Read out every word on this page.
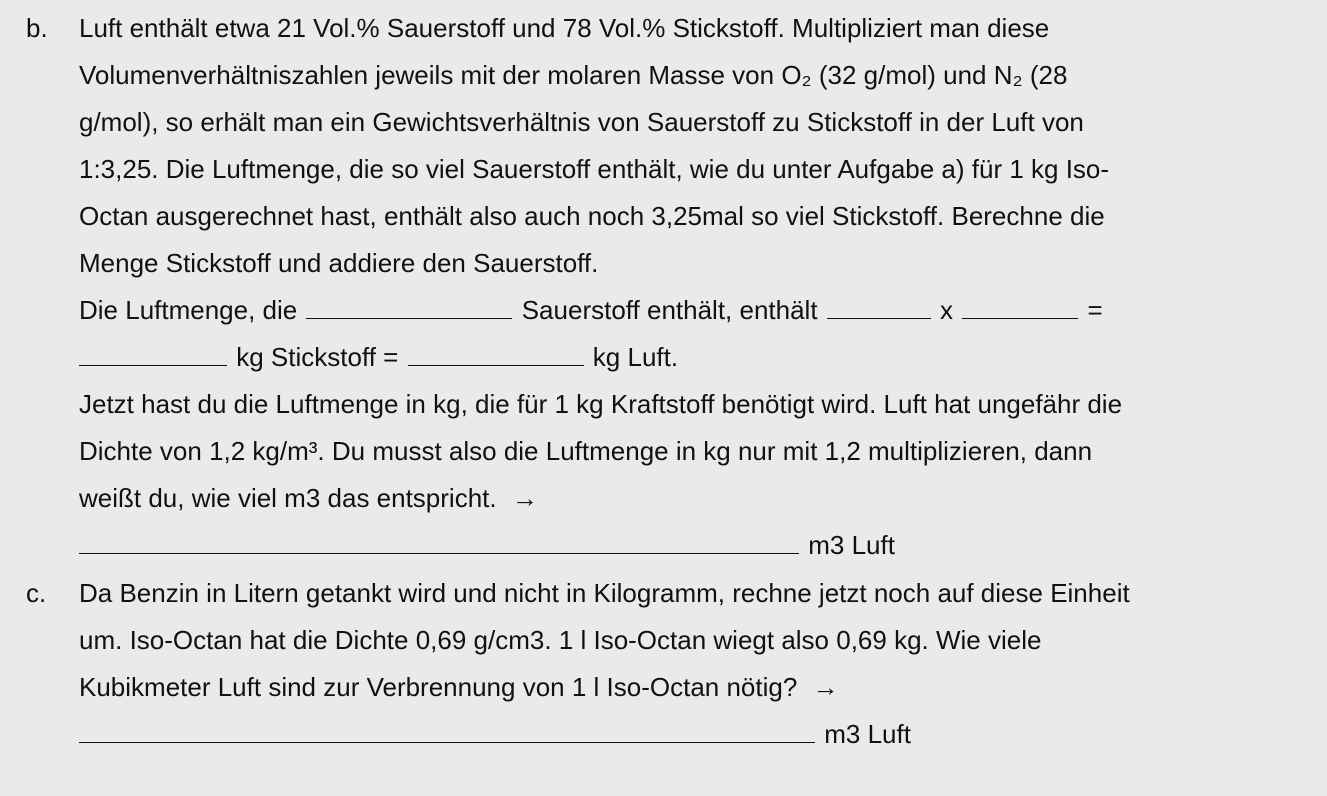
b. Luft enthält etwa 21 Vol.% Sauerstoff und 78 Vol.% Stickstoff. Multipliziert man diese

Volumenverhältniszahlen jeweils mit der molaren Masse von O₂ (32 g/mol) und N₂ (28

g/mol), so erhält man ein Gewichtsverhältnis von Sauerstoff zu Stickstoff in der Luft von

1:3,25. Die Luftmenge, die so viel Sauerstoff enthält, wie du unter Aufgabe a) für 1 kg Iso-

Octan ausgerechnet hast, enthält also auch noch 3,25mal so viel Stickstoff. Berechne die

Menge Stickstoff und addiere den Sauerstoff.

Die Luftmenge, die	Sauerstoff enthält, enthält	x	=

kg Stickstoff =	kg Luft.

Jetzt hast du die Luftmenge in kg, die für 1 kg Kraftstoff benötigt wird. Luft hat ungefähr die

Dichte von 1,2 kg/m³. Du musst also die Luftmenge in kg nur mit 1,2 multiplizieren, dann

weißt du, wie viel m3 das entspricht. →

m3 Luft

c. Da Benzin in Litern getankt wird und nicht in Kilogramm, rechne jetzt noch auf diese Einheit

um. Iso-Octan hat die Dichte 0,69 g/cm3. 1 l Iso-Octan wiegt also 0,69 kg. Wie viele

Kubikmeter Luft sind zur Verbrennung von 1 l Iso-Octan nötig? →

m3 Luft
